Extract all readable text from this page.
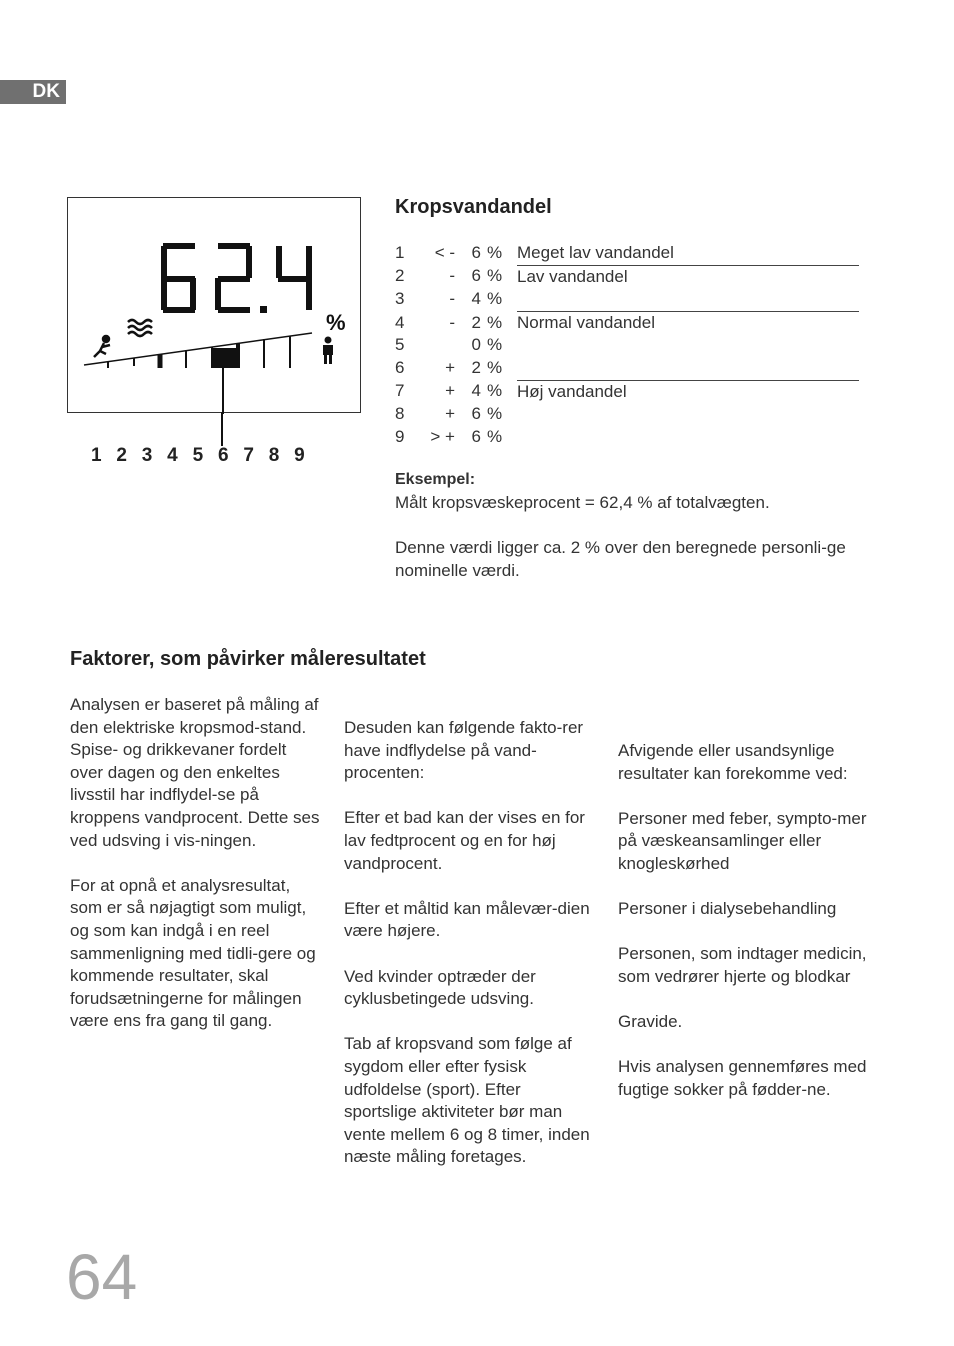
DK
%
1 2 3 4 5 6 7 8 9
Kropsvandandel
1	< -	6	%	Meget lav vandandel
2	-	6	%	Lav vandandel
3	-	4	%	
4	-	2	%	Normal vandandel
5		0	%	
6	+	2	%	
7	+	4	%	Høj vandandel
8	+	6	%	
9	> +	6	%	
Eksempel:

Målt kropsvæskeprocent = 62,4 % af totalvægten.

Denne værdi ligger ca. 2 % over den beregnede personli-ge nominelle værdi.

Faktorer, som påvirker måleresultatet

Analysen er baseret på måling af den elektriske kropsmod-stand. Spise- og drikkevaner fordelt over dagen og den enkeltes livsstil har indflydel-se på kroppens vandprocent. Dette ses ved udsving i vis-ningen.

For at opnå et analysresultat, som er så nøjagtigt som muligt, og som kan indgå i en reel sammenligning med tidli-gere og kommende resultater, skal forudsætningerne for målingen være ens fra gang til gang.

Desuden kan følgende fakto-rer have indflydelse på vand-procenten:

Efter et bad kan der vises en for lav fedtprocent og en for høj vandprocent.

Efter et måltid kan målevær-dien være højere.

Ved kvinder optræder der cyklusbetingede udsving.

Tab af kropsvand som følge af sygdom eller efter fysisk udfoldelse (sport). Efter sportslige aktiviteter bør man vente mellem 6 og 8 timer, inden næste måling foretages.

Afvigende eller usandsynlige resultater kan forekomme ved:

Personer med feber, sympto-mer på væskeansamlinger eller knogleskørhed

Personer i dialysebehandling

Personen, som indtager medicin, som vedrører hjerte og blodkar

Gravide.

Hvis analysen gennemføres med fugtige sokker på fødder-ne.

64
